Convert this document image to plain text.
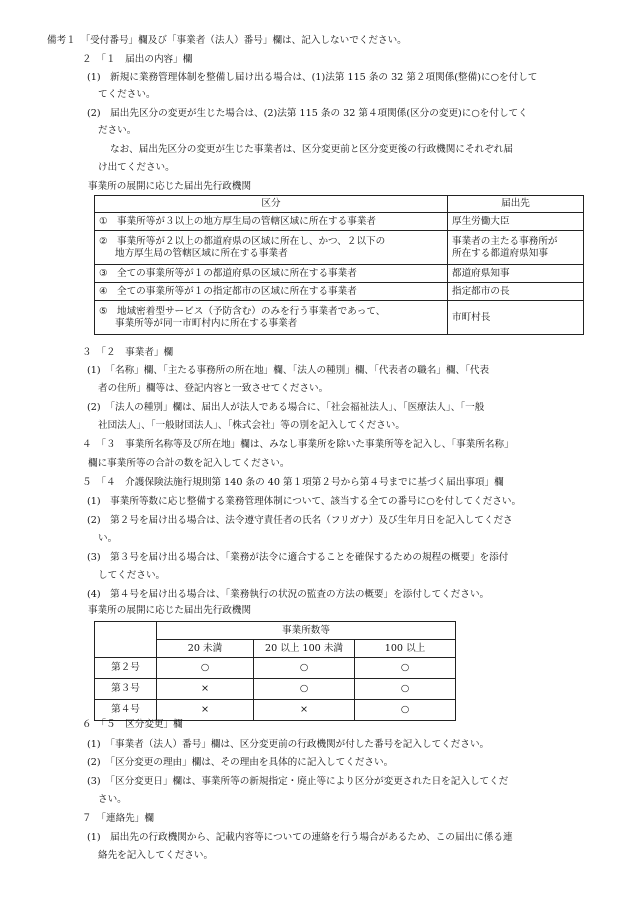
備考１　「受付番号」欄及び「事業者（法人）番号」欄は、記入しないでください。
２　「１　届出の内容」欄
(1)　新規に業務管理体制を整備し届け出る場合は、(1)法第 115 条の 32 第２項関係(整備)に○を付して
てください。
(2)　届出先区分の変更が生じた場合は、(2)法第 115 条の 32 第４項関係(区分の変更)に○を付してく
ださい。
なお、届出先区分の変更が生じた事業者は、区分変更前と区分変更後の行政機関にそれぞれ届
け出てください。
事業所の展開に応じた届出先行政機関
区分	届出先
① 事業所等が３以上の地方厚生局の管轄区域に所在する事業者	厚生労働大臣
② 事業所等が２以上の都道府県の区域に所在し、かつ、２以下の
地方厚生局の管轄区域に所在する事業者	事業者の主たる事務所が
所在する都道府県知事

③ 全ての事業所等が１の都道府県の区域に所在する事業者	都道府県知事
④ 全ての事業所等が１の指定都市の区域に所在する事業者	指定都市の長
⑤ 地域密着型サービス（予防含む）のみを行う事業者であって、
事業所等が同一市町村内に所在する事業者	市町村長
３　「２　事業者」欄
(1)　「名称」欄、「主たる事務所の所在地」欄、「法人の種別」欄、「代表者の職名」欄、「代表
者の住所」欄等は、登記内容と一致させてください。
(2)　「法人の種別」欄は、届出人が法人である場合に、「社会福祉法人」、「医療法人」、「一般
社団法人」、「一般財団法人」、「株式会社」等の別を記入してください。
４　「３　事業所名称等及び所在地」欄は、みなし事業所を除いた事業所等を記入し、「事業所名称」
欄に事業所等の合計の数を記入してください。
５　「４　介護保険法施行規則第 140 条の 40 第１項第２号から第４号までに基づく届出事項」欄
(1)　事業所等数に応じ整備する業務管理体制について、該当する全ての番号に○を付してください。
(2)　第２号を届け出る場合は、法令遵守責任者の氏名（フリガナ）及び生年月日を記入してくださ
い。
(3)　第３号を届け出る場合は、「業務が法令に適合することを確保するための規程の概要」を添付
してください。
(4)　第４号を届け出る場合は、「業務執行の状況の監査の方法の概要」を添付してください。
事業所の展開に応じた届出先行政機関
	事業所数等		
	20 未満	20 以上 100 未満	100 以上
第２号	○	○	○
第３号	×	○	○
第４号	×	×	○
６　「５　区分変更」欄
(1)　「事業者（法人）番号」欄は、区分変更前の行政機関が付した番号を記入してください。
(2)　「区分変更の理由」欄は、その理由を具体的に記入してください。
(3)　「区分変更日」欄は、事業所等の新規指定・廃止等により区分が変更された日を記入してくだ
さい。
７　「連絡先」欄
(1)　届出先の行政機関から、記載内容等についての連絡を行う場合があるため、この届出に係る連
絡先を記入してください。
